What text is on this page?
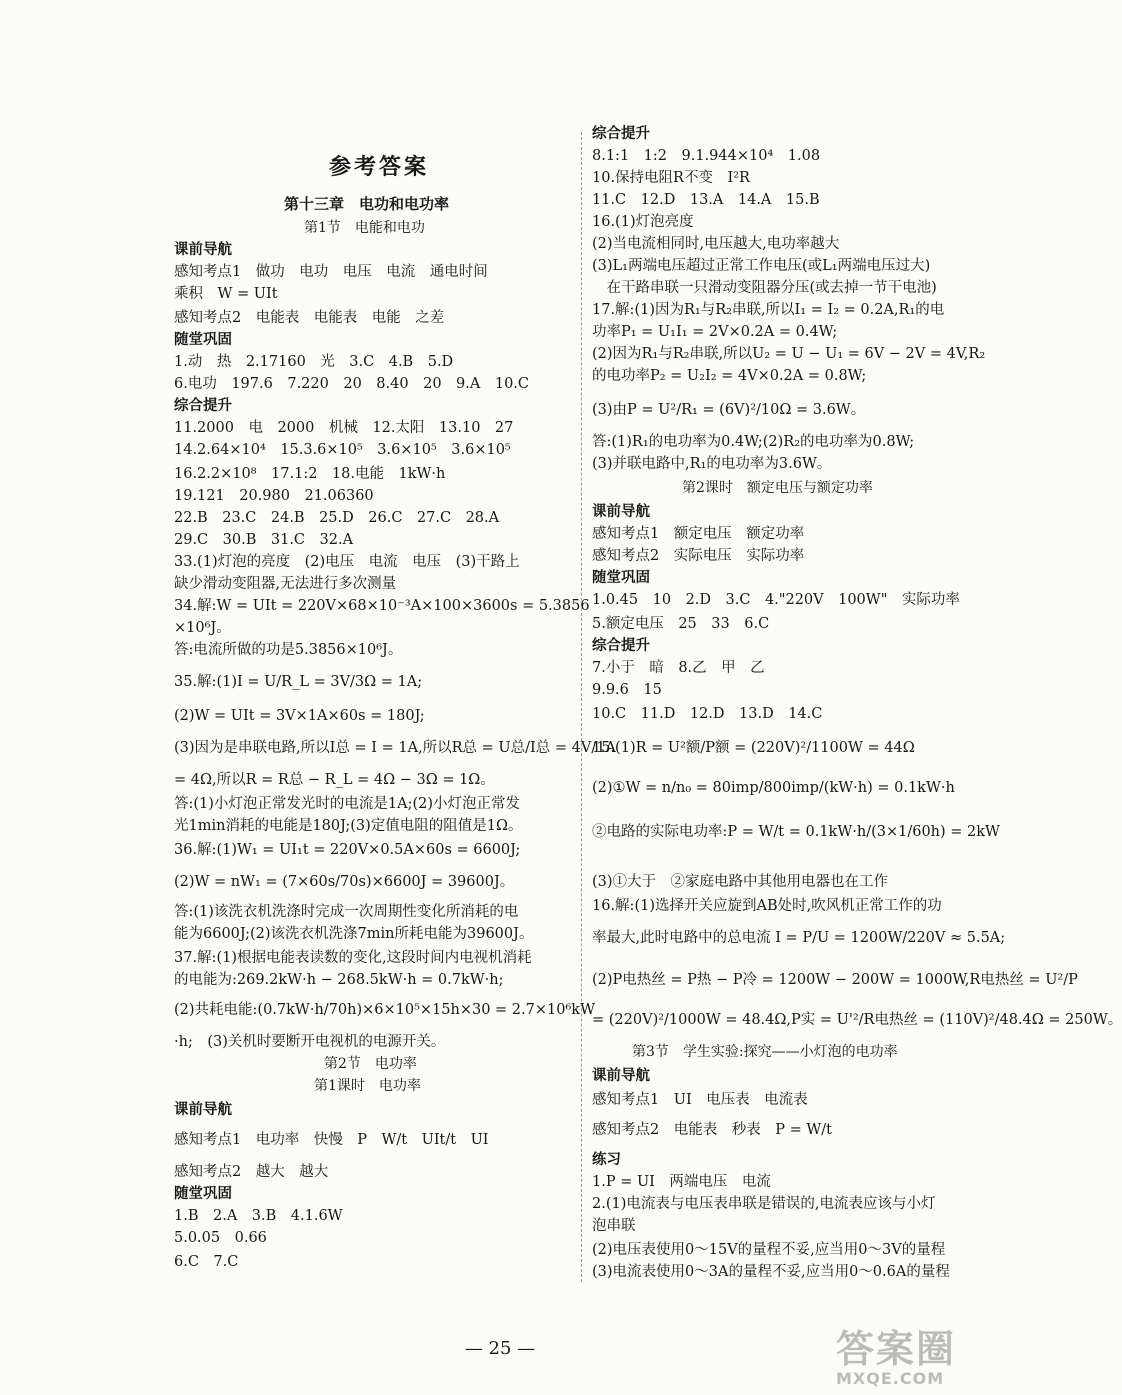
参考答案
第十三章　电功和电功率
第1节　电能和电功
课前导航
感知考点1　做功　电功　电压　电流　通电时间
乘积　W = UIt
感知考点2　电能表　电能表　电能　之差
随堂巩固
1.动　热　2.17160　光　3.C　4.B　5.D
6.电功　197.6　7.220　20　8.40　20　9.A　10.C
综合提升
11.2000　电　2000　机械　12.太阳　13.10　27
14.2.64×10⁴　15.3.6×10⁵　3.6×10⁵　3.6×10⁵
16.2.2×10⁸　17.1:2　18.电能　1kW·h
19.121　20.980　21.06360
22.B　23.C　24.B　25.D　26.C　27.C　28.A
29.C　30.B　31.C　32.A
33.(1)灯泡的亮度　(2)电压　电流　电压　(3)干路上
缺少滑动变阻器,无法进行多次测量
34.解:W = UIt = 220V×68×10⁻³A×100×3600s = 5.3856
×10⁶J。
答:电流所做的功是5.3856×10⁶J。
35.解:(1)I = U/R_L = 3V/3Ω = 1A;
(2)W = UIt = 3V×1A×60s = 180J;
(3)因为是串联电路,所以I总 = I = 1A,所以R总 = U总/I总 = 4V/1A
= 4Ω,所以R = R总 − R_L = 4Ω − 3Ω = 1Ω。
答:(1)小灯泡正常发光时的电流是1A;(2)小灯泡正常发
光1min消耗的电能是180J;(3)定值电阻的阻值是1Ω。
36.解:(1)W₁ = UI₁t = 220V×0.5A×60s = 6600J;
(2)W = nW₁ = (7×60s/70s)×6600J = 39600J。
答:(1)该洗衣机洗涤时完成一次周期性变化所消耗的电
能为6600J;(2)该洗衣机洗涤7min所耗电能为39600J。
37.解:(1)根据电能表读数的变化,这段时间内电视机消耗
的电能为:269.2kW·h − 268.5kW·h = 0.7kW·h;
(2)共耗电能:(0.7kW·h/70h)×6×10⁵×15h×30 = 2.7×10⁶kW
·h;　(3)关机时要断开电视机的电源开关。
第2节　电功率
第1课时　电功率
课前导航
感知考点1　电功率　快慢　P　W/t　UIt/t　UI
感知考点2　越大　越大
随堂巩固
1.B　2.A　3.B　4.1.6W
5.0.05　0.66
6.C　7.C
综合提升
8.1:1　1:2　9.1.944×10⁴　1.08
10.保持电阻R不变　I²R
11.C　12.D　13.A　14.A　15.B
16.(1)灯泡亮度
(2)当电流相同时,电压越大,电功率越大
(3)L₁两端电压超过正常工作电压(或L₁两端电压过大)
　在干路串联一只滑动变阻器分压(或去掉一节干电池)
17.解:(1)因为R₁与R₂串联,所以I₁ = I₂ = 0.2A,R₁的电
功率P₁ = U₁I₁ = 2V×0.2A = 0.4W;
(2)因为R₁与R₂串联,所以U₂ = U − U₁ = 6V − 2V = 4V,R₂
的电功率P₂ = U₂I₂ = 4V×0.2A = 0.8W;
(3)由P = U²/R₁ = (6V)²/10Ω = 3.6W。
答:(1)R₁的电功率为0.4W;(2)R₂的电功率为0.8W;
(3)并联电路中,R₁的电功率为3.6W。
第2课时　额定电压与额定功率
课前导航
感知考点1　额定电压　额定功率
感知考点2　实际电压　实际功率
随堂巩固
1.0.45　10　2.D　3.C　4."220V　100W"　实际功率
5.额定电压　25　33　6.C
综合提升
7.小于　暗　8.乙　甲　乙
9.9.6　15
10.C　11.D　12.D　13.D　14.C
15.(1)R = U²额/P额 = (220V)²/1100W = 44Ω
(2)①W = n/n₀ = 80imp/800imp/(kW·h) = 0.1kW·h
②电路的实际电功率:P = W/t = 0.1kW·h/(3×1/60h) = 2kW
(3)①大于　②家庭电路中其他用电器也在工作
16.解:(1)选择开关应旋到AB处时,吹风机正常工作的功
率最大,此时电路中的总电流 I = P/U = 1200W/220V ≈ 5.5A;
(2)P电热丝 = P热 − P冷 = 1200W − 200W = 1000W,R电热丝 = U²/P
= (220V)²/1000W = 48.4Ω,P实 = U'²/R电热丝 = (110V)²/48.4Ω = 250W。
第3节　学生实验:探究——小灯泡的电功率
课前导航
感知考点1　UI　电压表　电流表
感知考点2　电能表　秒表　P = W/t
练习
1.P = UI　两端电压　电流
2.(1)电流表与电压表串联是错误的,电流表应该与小灯
泡串联
(2)电压表使用0～15V的量程不妥,应当用0～3V的量程
(3)电流表使用0～3A的量程不妥,应当用0～0.6A的量程
— 25 —	答案圈
MXQE.COM
